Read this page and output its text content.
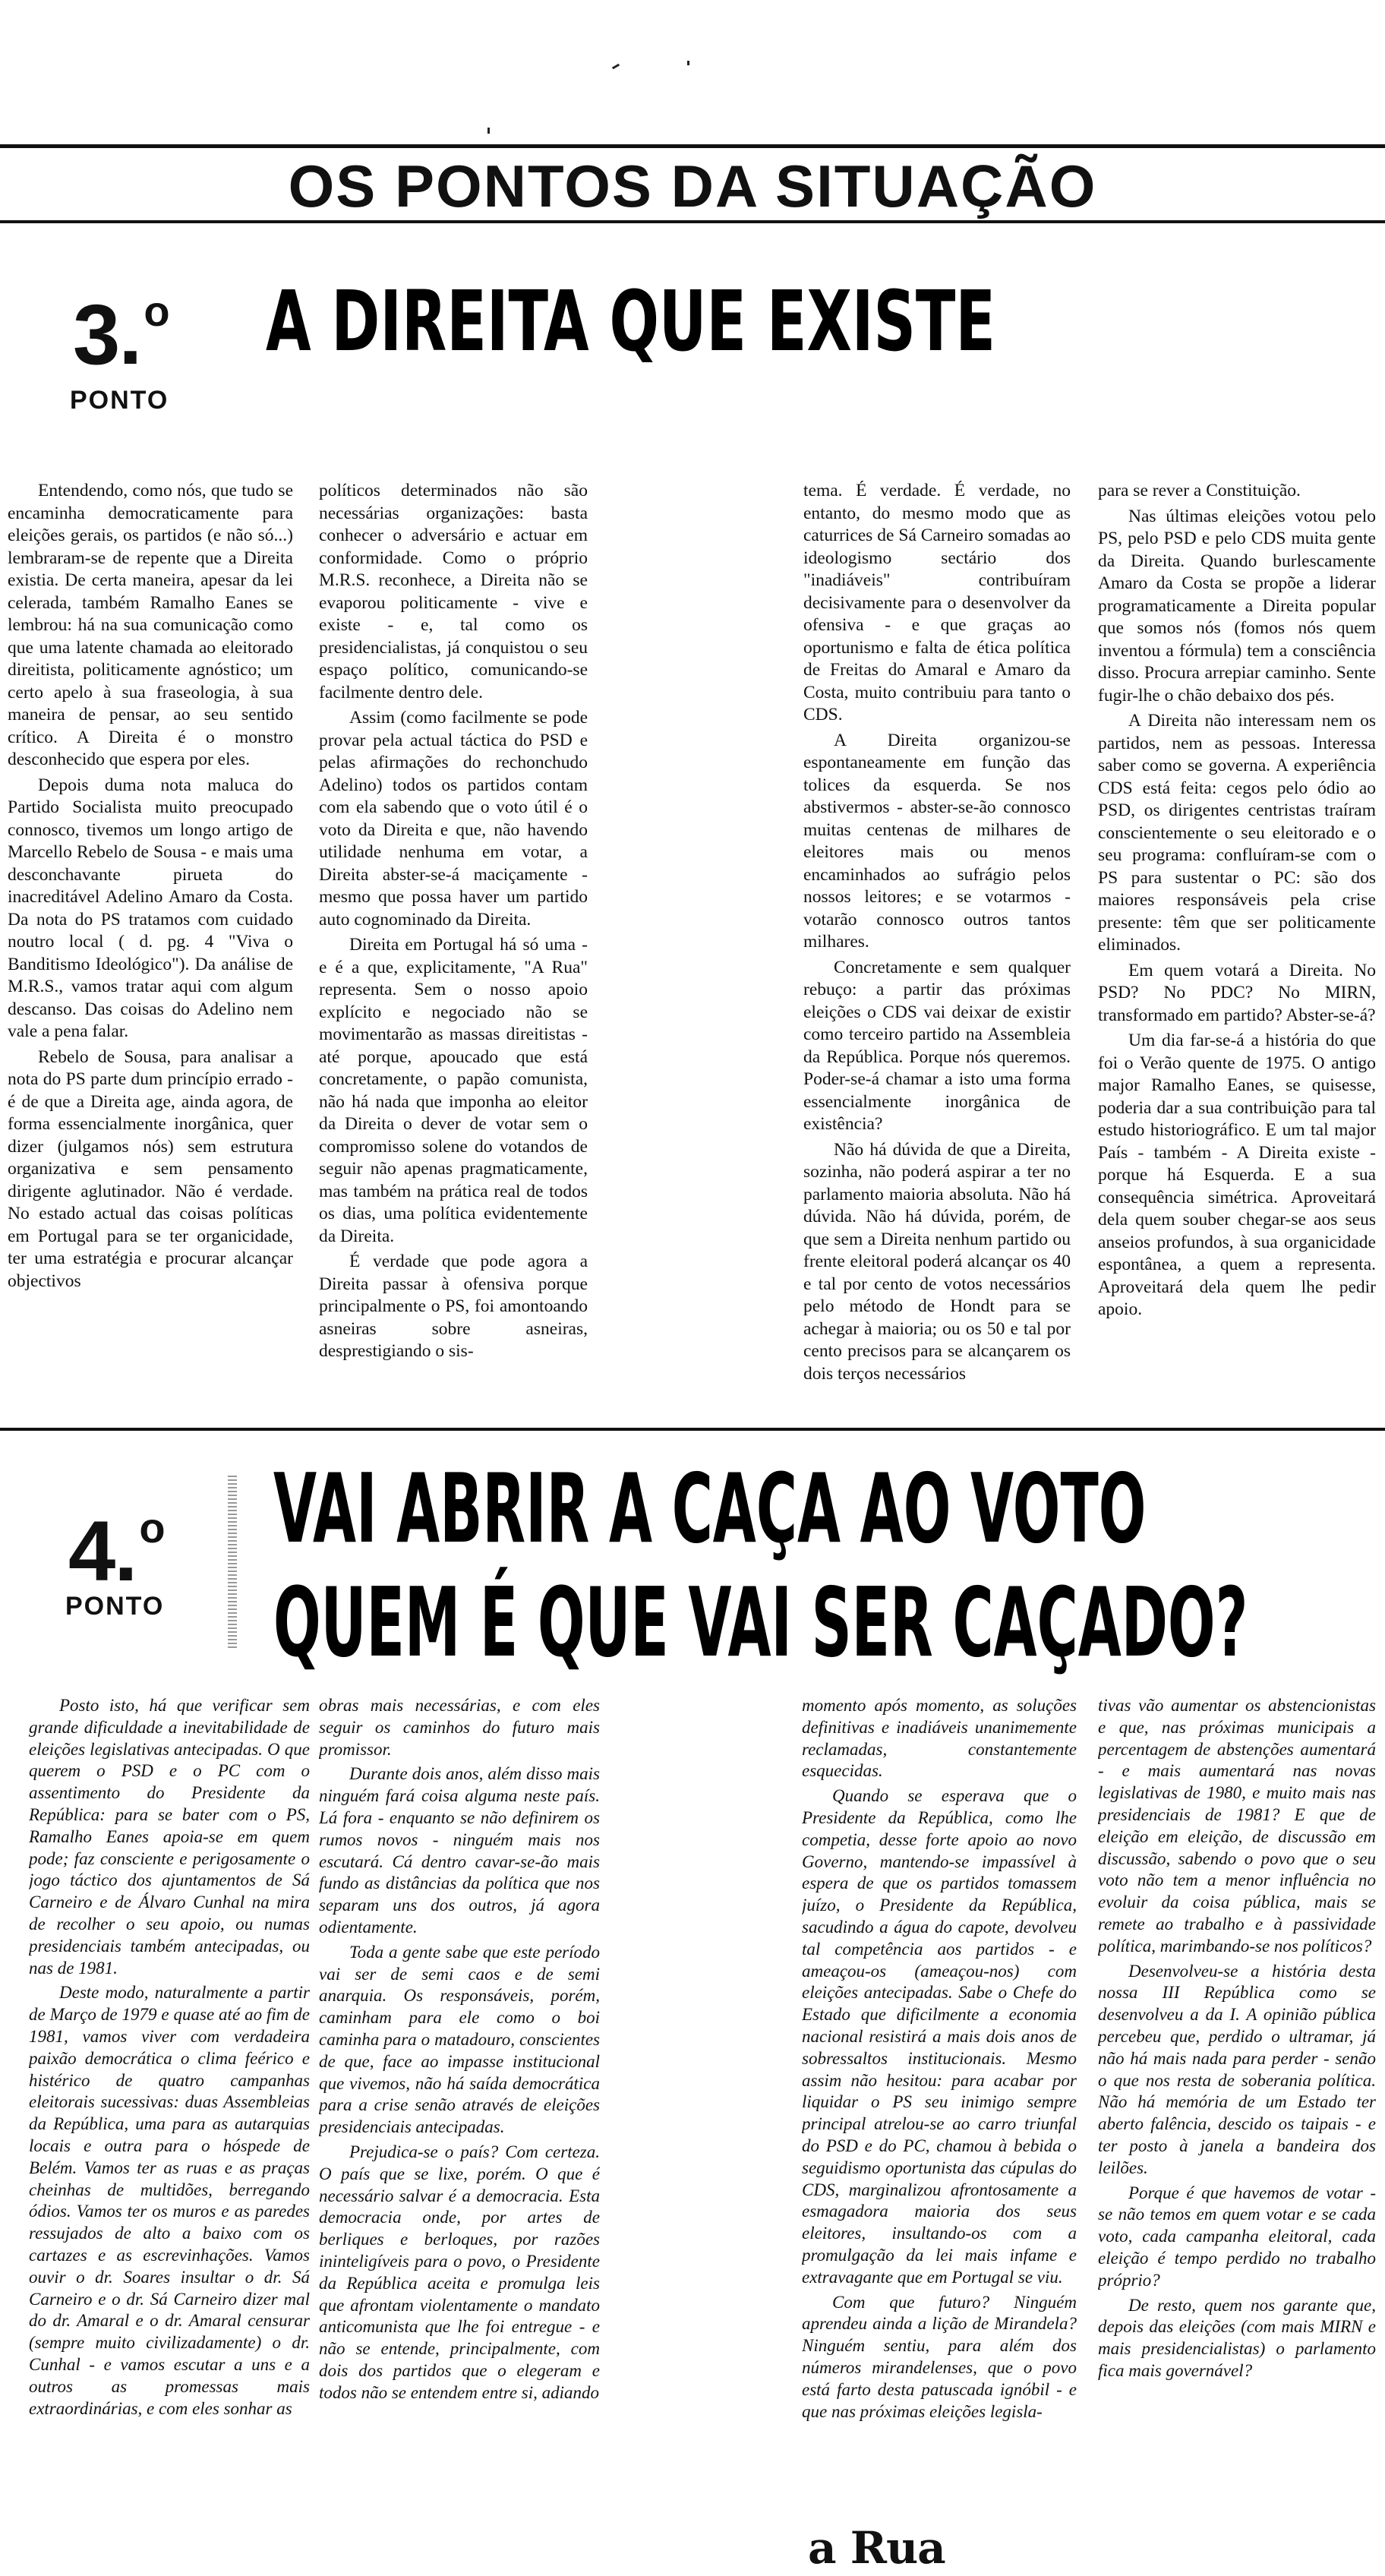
OS PONTOS DA SITUAÇÃO
3.$^o$
PONTO
A DIREITA QUE EXISTE

Entendendo, como nós, que tudo se encaminha democraticamente para eleições gerais, os partidos (e não só...) lembraram-se de repente que a Direita existia. De certa maneira, apesar da lei celerada, também Ramalho Eanes se lembrou: há na sua comunicação como que uma latente chamada ao eleitorado direitista, politicamente agnóstico; um certo apelo à sua fraseologia, à sua maneira de pensar, ao seu sentido crítico. A Direita é o monstro desconhecido que espera por eles.

Depois duma nota maluca do Partido Socialista muito preocupado connosco, tivemos um longo artigo de Marcello Rebelo de Sousa - e mais uma desconchavante pirueta do inacreditável Adelino Amaro da Costa. Da nota do PS tratamos com cuidado noutro local ( d. pg. 4 "Viva o Banditismo Ideológico"). Da análise de M.R.S., vamos tratar aqui com algum descanso. Das coisas do Adelino nem vale a pena falar.

Rebelo de Sousa, para analisar a nota do PS parte dum princípio errado - é de que a Direita age, ainda agora, de forma essencialmente inorgânica, quer dizer (julgamos nós) sem estrutura organizativa e sem pensamento dirigente aglutinador. Não é verdade. No estado actual das coisas políticas em Portugal para se ter organicidade, ter uma estratégia e procurar alcançar objectivos

políticos determinados não são necessárias organizações: basta conhecer o adversário e actuar em conformidade. Como o próprio M.R.S. reconhece, a Direita não se evaporou politicamente - vive e existe - e, tal como os presidencialistas, já conquistou o seu espaço político, comunicando-se facilmente dentro dele.

Assim (como facilmente se pode provar pela actual táctica do PSD e pelas afirmações do rechonchudo Adelino) todos os partidos contam com ela sabendo que o voto útil é o voto da Direita e que, não havendo utilidade nenhuma em votar, a Direita abster-se-á maciçamente - mesmo que possa haver um partido auto cognominado da Direita.

Direita em Portugal há só uma - e é a que, explicitamente, "A Rua" representa. Sem o nosso apoio explícito e negociado não se movimentarão as massas direitistas - até porque, apoucado que está concretamente, o papão comunista, não há nada que imponha ao eleitor da Direita o dever de votar sem o compromisso solene do votandos de seguir não apenas pragmaticamente, mas também na prática real de todos os dias, uma política evidentemente da Direita.

É verdade que pode agora a Direita passar à ofensiva porque principalmente o PS, foi amontoando asneiras sobre asneiras, desprestigiando o sis-

tema. É verdade. É verdade, no entanto, do mesmo modo que as caturrices de Sá Carneiro somadas ao ideologismo sectário dos "inadiáveis" contribuíram decisivamente para o desenvolver da ofensiva - e que graças ao oportunismo e falta de ética política de Freitas do Amaral e Amaro da Costa, muito contribuiu para tanto o CDS.

A Direita organizou-se espontaneamente em função das tolices da esquerda. Se nos abstivermos - abster-se-ão connosco muitas centenas de milhares de eleitores mais ou menos encaminhados ao sufrágio pelos nossos leitores; e se votarmos - votarão connosco outros tantos milhares.

Concretamente e sem qualquer rebuço: a partir das próximas eleições o CDS vai deixar de existir como terceiro partido na Assembleia da República. Porque nós queremos. Poder-se-á chamar a isto uma forma essencialmente inorgânica de existência?

Não há dúvida de que a Direita, sozinha, não poderá aspirar a ter no parlamento maioria absoluta. Não há dúvida. Não há dúvida, porém, de que sem a Direita nenhum partido ou frente eleitoral poderá alcançar os 40 e tal por cento de votos necessários pelo método de Hondt para se achegar à maioria; ou os 50 e tal por cento precisos para se alcançarem os dois terços necessários

para se rever a Constituição.

Nas últimas eleições votou pelo PS, pelo PSD e pelo CDS muita gente da Direita. Quando burlescamente Amaro da Costa se propõe a liderar programaticamente a Direita popular que somos nós (fomos nós quem inventou a fórmula) tem a consciência disso. Procura arrepiar caminho. Sente fugir-lhe o chão debaixo dos pés.

A Direita não interessam nem os partidos, nem as pessoas. Interessa saber como se governa. A experiência CDS está feita: cegos pelo ódio ao PSD, os dirigentes centristas traíram conscientemente o seu eleitorado e o seu programa: confluíram-se com o PS para sustentar o PC: são dos maiores responsáveis pela crise presente: têm que ser politicamente eliminados.

Em quem votará a Direita. No PSD? No PDC? No MIRN, transformado em partido? Abster-se-á?

Um dia far-se-á a história do que foi o Verão quente de 1975. O antigo major Ramalho Eanes, se quisesse, poderia dar a sua contribuição para tal estudo historiográfico. E um tal major País - também - A Direita existe - porque há Esquerda. E a sua consequência simétrica. Aproveitará dela quem souber chegar-se aos seus anseios profundos, à sua organicidade espontânea, a quem a representa. Aproveitará dela quem lhe pedir apoio.

4.$^o$
PONTO
VAI ABRIR A CAÇA AO VOTO
QUEM É QUE VAI SER CAÇADO?

Posto isto, há que verificar sem grande dificuldade a inevitabilidade de eleições legislativas antecipadas. O que querem o PSD e o PC com o assentimento do Presidente da República: para se bater com o PS, Ramalho Eanes apoia-se em quem pode; faz consciente e perigosamente o jogo táctico dos ajuntamentos de Sá Carneiro e de Álvaro Cunhal na mira de recolher o seu apoio, ou numas presidenciais também antecipadas, ou nas de 1981.

Deste modo, naturalmente a partir de Março de 1979 e quase até ao fim de 1981, vamos viver com verdadeira paixão democrática o clima feérico e histérico de quatro campanhas eleitorais sucessivas: duas Assembleias da República, uma para as autarquias locais e outra para o hóspede de Belém. Vamos ter as ruas e as praças cheinhas de multidões, berregando ódios. Vamos ter os muros e as paredes ressujados de alto a baixo com os cartazes e as escrevinhações. Vamos ouvir o dr. Soares insultar o dr. Sá Carneiro e o dr. Sá Carneiro dizer mal do dr. Amaral e o dr. Amaral censurar (sempre muito civilizadamente) o dr. Cunhal - e vamos escutar a uns e a outros as promessas mais extraordinárias, e com eles sonhar as

obras mais necessárias, e com eles seguir os caminhos do futuro mais promissor.

Durante dois anos, além disso mais ninguém fará coisa alguma neste país. Lá fora - enquanto se não definirem os rumos novos - ninguém mais nos escutará. Cá dentro cavar-se-ão mais fundo as distâncias da política que nos separam uns dos outros, já agora odientamente.

Toda a gente sabe que este período vai ser de semi caos e de semi anarquia. Os responsáveis, porém, caminham para ele como o boi caminha para o matadouro, conscientes de que, face ao impasse institucional que vivemos, não há saída democrática para a crise senão através de eleições presidenciais antecipadas.

Prejudica-se o país? Com certeza. O país que se lixe, porém. O que é necessário salvar é a democracia. Esta democracia onde, por artes de berliques e berloques, por razões ininteligíveis para o povo, o Presidente da República aceita e promulga leis que afrontam violentamente o mandato anticomunista que lhe foi entregue - e não se entende, principalmente, com dois dos partidos que o elegeram e todos não se entendem entre si, adiando

momento após momento, as soluções definitivas e inadiáveis unanimemente reclamadas, constantemente esquecidas.

Quando se esperava que o Presidente da República, como lhe competia, desse forte apoio ao novo Governo, mantendo-se impassível à espera de que os partidos tomassem juízo, o Presidente da República, sacudindo a água do capote, devolveu tal competência aos partidos - e ameaçou-os (ameaçou-nos) com eleições antecipadas. Sabe o Chefe do Estado que dificilmente a economia nacional resistirá a mais dois anos de sobressaltos institucionais. Mesmo assim não hesitou: para acabar por liquidar o PS seu inimigo sempre principal atrelou-se ao carro triunfal do PSD e do PC, chamou à bebida o seguidismo oportunista das cúpulas do CDS, marginalizou afrontosamente a esmagadora maioria dos seus eleitores, insultando-os com a promulgação da lei mais infame e extravagante que em Portugal se viu.

Com que futuro? Ninguém aprendeu ainda a lição de Mirandela? Ninguém sentiu, para além dos números mirandelenses, que o povo está farto desta patuscada ignóbil - e que nas próximas eleições legisla-

tivas vão aumentar os abstencionistas e que, nas próximas municipais a percentagem de abstenções aumentará - e mais aumentará nas novas legislativas de 1980, e muito mais nas presidenciais de 1981? E que de eleição em eleição, de discussão em discussão, sabendo o povo que o seu voto não tem a menor influência no evoluir da coisa pública, mais se remete ao trabalho e à passividade política, marimbando-se nos políticos?

Desenvolveu-se a história desta nossa III República como se desenvolveu a da I. A opinião pública percebeu que, perdido o ultramar, já não há mais nada para perder - senão o que nos resta de soberania política. Não há memória de um Estado ter aberto falência, descido os taipais - e ter posto à janela a bandeira dos leilões.

Porque é que havemos de votar - se não temos em quem votar e se cada voto, cada campanha eleitoral, cada eleição é tempo perdido no trabalho próprio?

De resto, quem nos garante que, depois das eleições (com mais MIRN e mais presidencialistas) o parlamento fica mais governável?

a Rua
